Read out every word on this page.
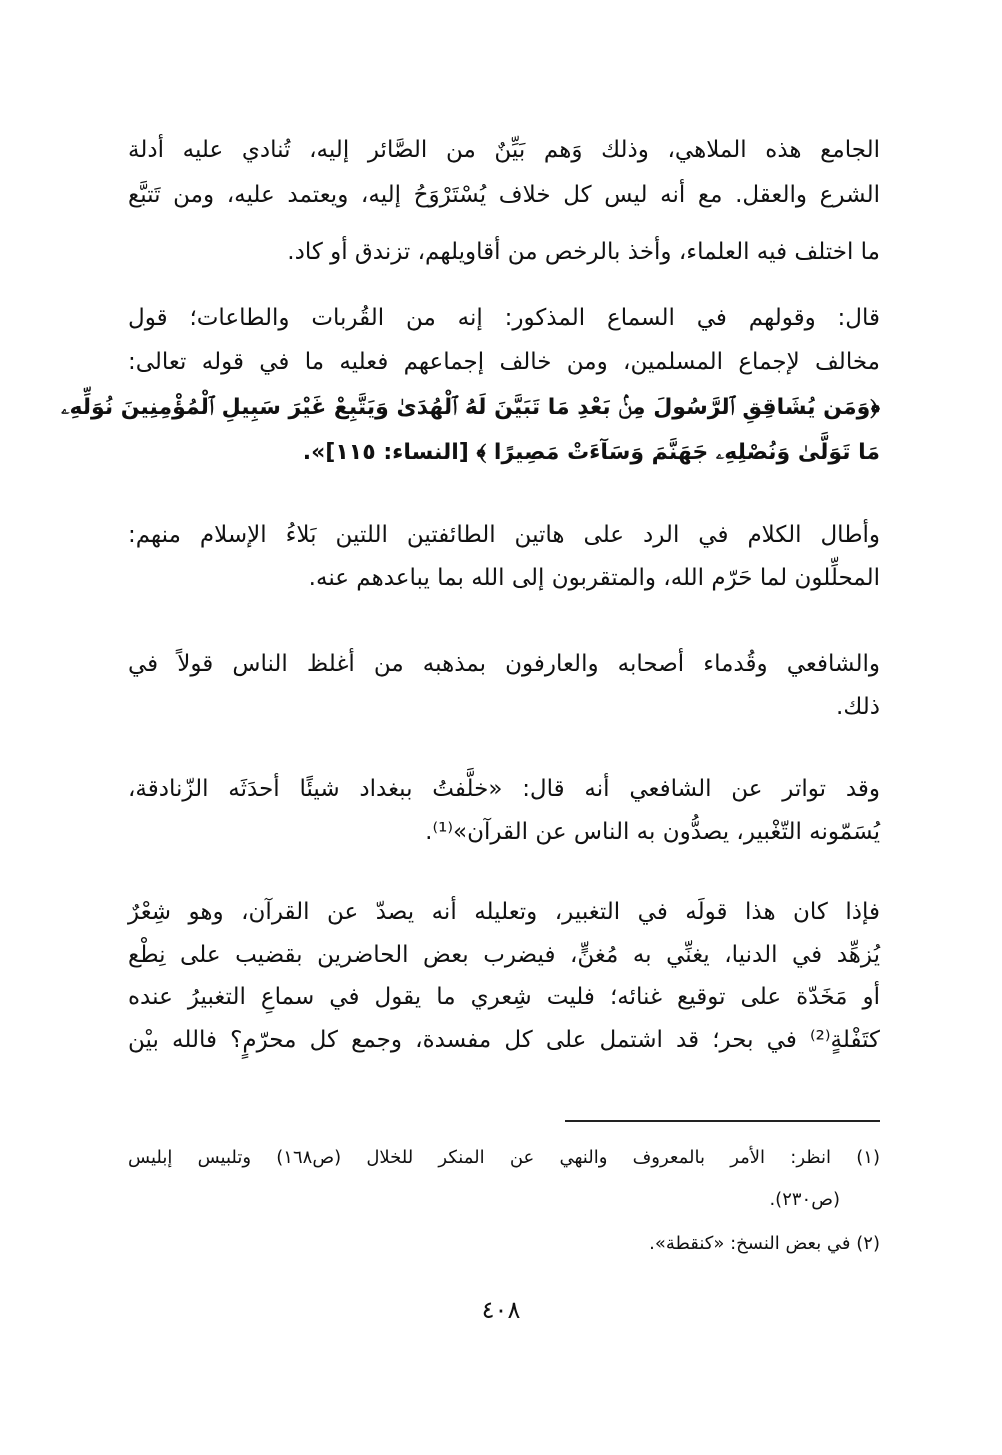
الجامع هذه الملاهي، وذلك وَهم بَيِّنٌ من الصَّائر إليه، تُنادي عليه أدلة
الشرع والعقل. مع أنه ليس كل خلاف يُسْتَرْوَحُ إليه، ويعتمد عليه، ومن تَتبَّع
ما اختلف فيه العلماء، وأخذ بالرخص من أقاويلهم، تزندق أو كاد.
قال: وقولهم في السماع المذكور: إنه من القُربات والطاعات؛ قول
مخالف لإجماع المسلمين، ومن خالف إجماعهم فعليه ما في قوله تعالى:
﴿وَمَن يُشَاقِقِ ٱلرَّسُولَ مِنۢ بَعْدِ مَا تَبَيَّنَ لَهُ ٱلْهُدَىٰ وَيَتَّبِعْ غَيْرَ سَبِيلِ ٱلْمُؤْمِنِينَ نُوَلِّهِۦ
مَا تَوَلَّىٰ وَنُصْلِهِۦ جَهَنَّمَ وَسَآءَتْ مَصِيرًا ﴾ [النساء: ١١٥]».
وأطال الكلام في الرد على هاتين الطائفتين اللتين بَلاءُ الإسلام منهم:
المحلِّلون لما حَرّم الله، والمتقربون إلى الله بما يباعدهم عنه.
والشافعي وقُدماء أصحابه والعارفون بمذهبه من أغلظ الناس قولاً في
ذلك.
وقد تواتر عن الشافعي أنه قال: «خلَّفتُ ببغداد شيئًا أحدَثَه الزّنادقة،
يُسَمّونه التّغْبير، يصدُّون به الناس عن القرآن»⁽¹⁾.
فإذا كان هذا قولَه في التغبير، وتعليله أنه يصدّ عن القرآن، وهو شِعْرٌ
يُزهِّد في الدنيا، يغنِّي به مُغنٍّ، فيضرب بعض الحاضرين بقضيب على نِطْع
أو مَخَدّة على توقيع غنائه؛ فليت شِعري ما يقول في سماعِ التغبيرُ عنده
كتَفْلةٍ⁽²⁾ في بحر؛ قد اشتمل على كل مفسدة، وجمع كل محرّمٍ؟ فالله بيْن
(١) انظر: الأمر بالمعروف والنهي عن المنكر للخلال (ص١٦٨) وتلبيس إبليس
(ص٢٣٠).
(٢) في بعض النسخ: «كنقطة».
٤٠٨
